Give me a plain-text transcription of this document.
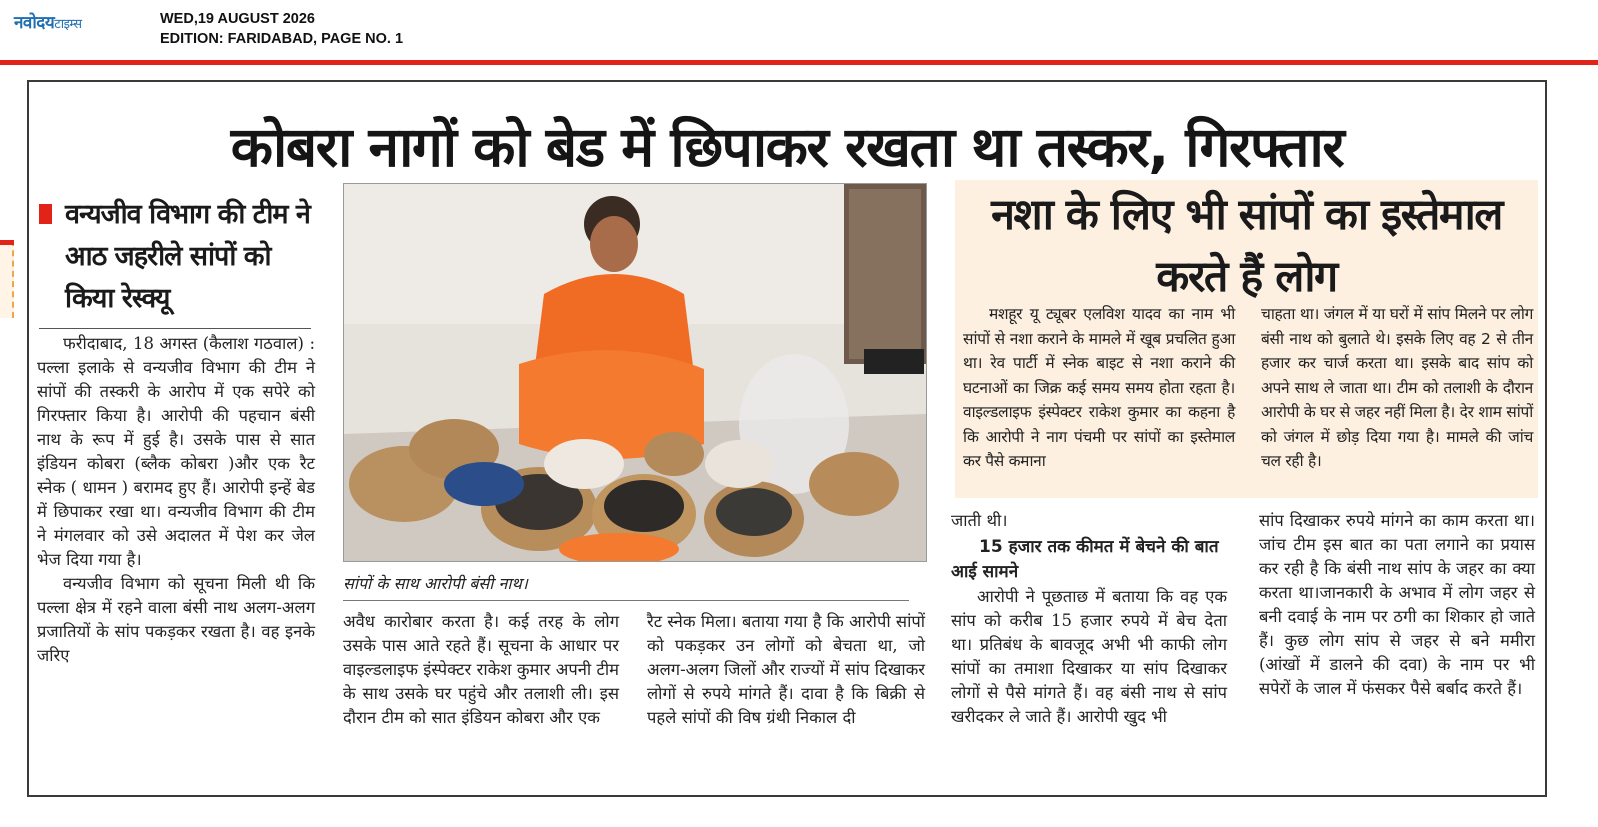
नवोदयटाइम्स	WED,19 AUGUST 2026
EDITION: FARIDABAD, PAGE NO. 1
कोबरा नागों को बेड में छिपाकर रखता था तस्कर, गिरफ्तार
वन्यजीव विभाग की टीम ने आठ जहरीले सांपों को किया रेस्क्यू

फरीदाबाद, 18 अगस्त (कैलाश गठवाल) : पल्ला इलाके से वन्यजीव विभाग की टीम ने सांपों की तस्करी के आरोप में एक सपेरे को गिरफ्तार किया है। आरोपी की पहचान बंसी नाथ के रूप में हुई है। उसके पास से सात इंडियन कोबरा (ब्लैक कोबरा )और एक रैट स्नेक ( धामन ) बरामद हुए हैं। आरोपी इन्हें बेड में छिपाकर रखा था। वन्यजीव विभाग की टीम ने मंगलवार को उसे अदालत में पेश कर जेल भेज दिया गया है।

वन्यजीव विभाग को सूचना मिली थी कि पल्ला क्षेत्र में रहने वाला बंसी नाथ अलग-अलग प्रजातियों के सांप पकड़कर रखता है। वह इनके जरिए

सांपों के साथ आरोपी बंसी नाथ।

अवैध कारोबार करता है। कई तरह के लोग उसके पास आते रहते हैं। सूचना के आधार पर वाइल्डलाइफ इंस्पेक्टर राकेश कुमार अपनी टीम के साथ उसके घर पहुंचे और तलाशी ली। इस दौरान टीम को सात इंडियन कोबरा और एक

रैट स्नेक मिला। बताया गया है कि आरोपी सांपों को पकड़कर उन लोगों को बेचता था, जो अलग-अलग जिलों और राज्यों में सांप दिखाकर लोगों से रुपये मांगते हैं। दावा है कि बिक्री से पहले सांपों की विष ग्रंथी निकाल दी

नशा के लिए भी सांपों का इस्तेमाल करते हैं लोग
मशहूर यू ट्यूबर एलविश यादव का नाम भी सांपों से नशा कराने के मामले में खूब प्रचलित हुआ था। रेव पार्टी में स्नेक बाइट से नशा कराने की घटनाओं का जिक्र कई समय समय होता रहता है। वाइल्डलाइफ इंस्पेक्टर राकेश कुमार का कहना है कि आरोपी ने नाग पंचमी पर सांपों का इस्तेमाल कर पैसे कमाना
चाहता था। जंगल में या घरों में सांप मिलने पर लोग बंसी नाथ को बुलाते थे। इसके लिए वह 2 से तीन हजार कर चार्ज करता था। इसके बाद सांप को अपने साथ ले जाता था। टीम को तलाशी के दौरान आरोपी के घर से जहर नहीं मिला है। देर शाम सांपों को जंगल में छोड़ दिया गया है। मामले की जांच चल रही है।

जाती थी।

15 हजार तक कीमत में बेचने की बात आई सामने

आरोपी ने पूछताछ में बताया कि वह एक सांप को करीब 15 हजार रुपये में बेच देता था। प्रतिबंध के बावजूद अभी भी काफी लोग सांपों का तमाशा दिखाकर या सांप दिखाकर लोगों से पैसे मांगते हैं। वह बंसी नाथ से सांप खरीदकर ले जाते हैं। आरोपी खुद भी

सांप दिखाकर रुपये मांगने का काम करता था। जांच टीम इस बात का पता लगाने का प्रयास कर रही है कि बंसी नाथ सांप के जहर का क्या करता था।जानकारी के अभाव में लोग जहर से बनी दवाई के नाम पर ठगी का शिकार हो जाते हैं। कुछ लोग सांप से जहर से बने ममीरा (आंखों में डालने की दवा) के नाम पर भी सपेरों के जाल में फंसकर पैसे बर्बाद करते हैं।
